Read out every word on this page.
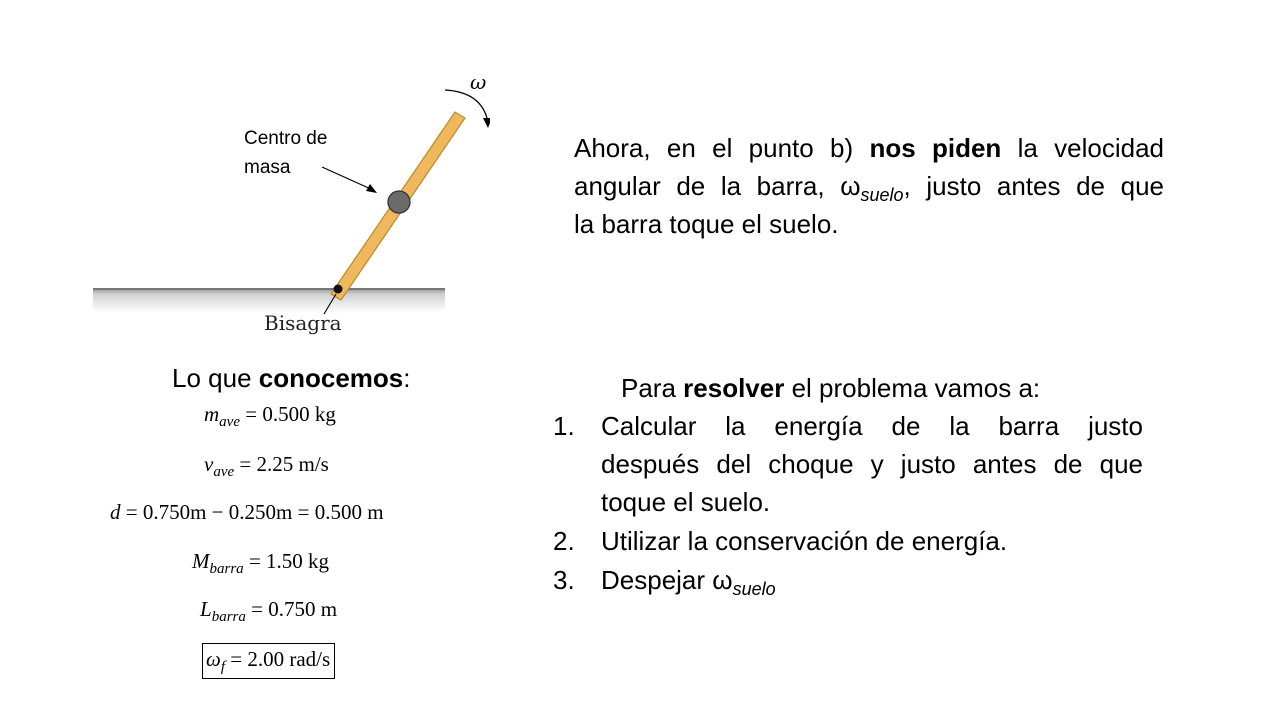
ω
Centro de
masa
Bisagra
Ahora, en el punto b) nos piden la velocidad
angular de la barra, $\omega_{suelo}$, justo antes de que
la barra toque el suelo.
Lo que conocemos:
$m_{ave} = 0.500$ kg
$v_{ave} = 2.25$ m/s
d = 0.750m − 0.250m = 0.500 m
$M_{barra} = 1.50$ kg
$L_{barra} = 0.750$ m
$\omega_f = 2.00$ rad/s
Para resolver el problema vamos a:
1.	Calcular la energía de la barra justo
después del choque y justo antes de que
toque el suelo.
2.	Utilizar la conservación de energía.
3.	Despejar $\omega_{suelo}$
